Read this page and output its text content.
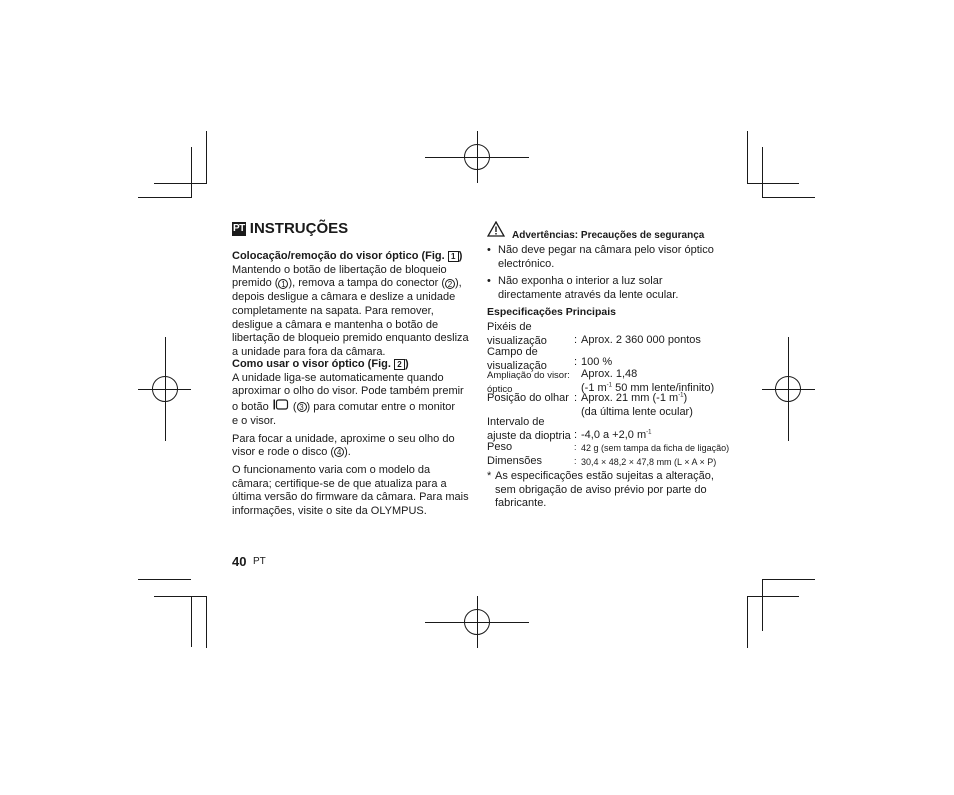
PT INSTRUÇÕES

Colocação/remoção do visor óptico (Fig. 1 )

Mantendo o botão de libertação de bloqueio

premido ( 1 ), remova a tampa do conector ( 2 ),

depois desligue a câmara e deslize a unidade

completamente na sapata. Para remover,

desligue a câmara e mantenha o botão de

libertação de bloqueio premido enquanto desliza

a unidade para fora da câmara.

Como usar o visor óptico (Fig. 2 )

A unidade liga-se automaticamente quando

aproximar o olho do visor. Pode também premir

o botão  ( 3 ) para comutar entre o monitor

e o visor.

Para focar a unidade, aproxime o seu olho do

visor e rode o disco ( 4 ).

O funcionamento varia com o modelo da

câmara; certifique-se de que atualiza para a

última versão do firmware da câmara. Para mais

informações, visite o site da OLYMPUS.

Advertências: Precauções de segurança
• Não deve pegar na câmara pelo visor óptico

electrónico.

• Não exponha o interior a luz solar

directamente através da lente ocular.

Especificações Principais

Pixéis de

visualização : Aprox. 2 360 000 pontos

Campo de

visualização : 100 %

Ampliação do visor:

óptico

Aprox. 1,48

(-1 $m^{-1}$ 50 mm lente/infinito)

Posição do olhar : Aprox. 21 mm (-1 $m^{-1}$)

(da última lente ocular)

Intervalo de

ajuste da dioptria : -4,0 a +2,0 $m^{-1}$
Peso	: 42 g (sem tampa da ficha de ligação)
Dimensões	: 30,4 × 48,2 × 47,8 mm (L × A × P)
* As especificações estão sujeitas a alteração,

sem obrigação de aviso prévio por parte do

fabricante.

40 PT
